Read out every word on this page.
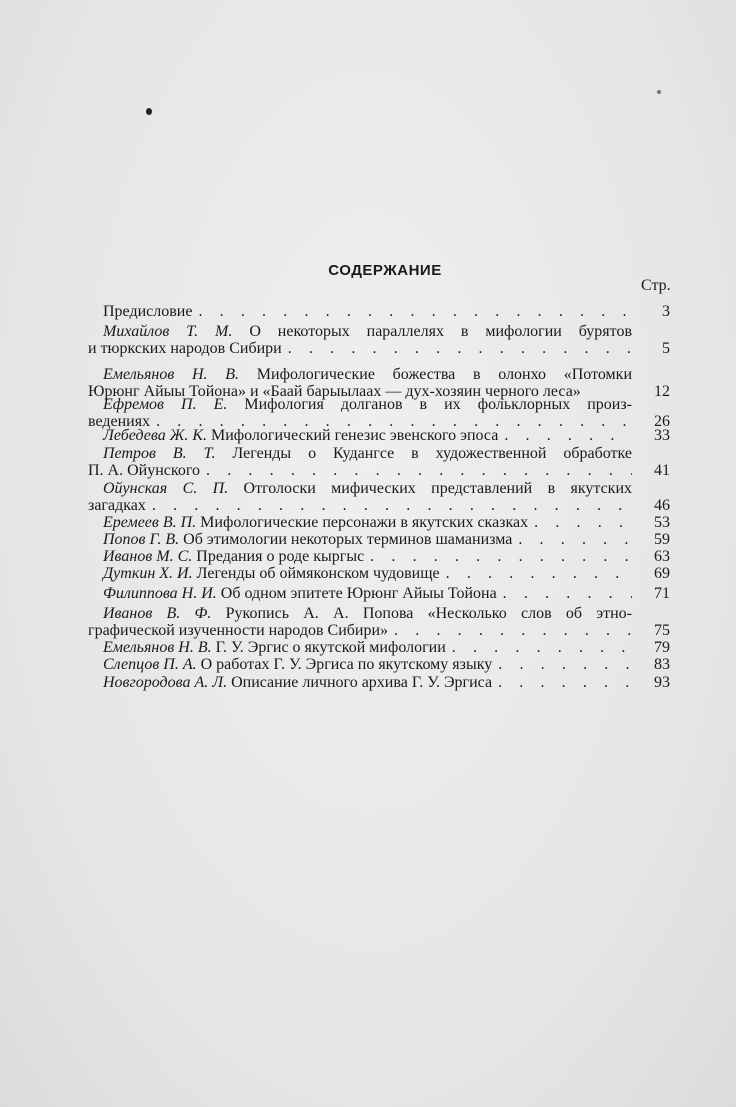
СОДЕРЖАНИЕ
Стр.
Предисловие . . .	3
Михайлов Т. М. О некоторых параллелях в мифологии бурятов
и тюркских народов Сибири . . .	5
Емельянов Н. В. Мифологические божества в олонхо «Потомки
Юрюнг Айыы Тойона» и «Баай барыылаах — дух-хозяин черного леса»	12
Ефремов П. Е. Мифология долганов в их фольклорных произ-
ведениях . . .	26
Лебедева Ж. К. Мифологический генезис эвенского эпоса . . .	33
Петров В. Т. Легенды о Кудангсе в художественной обработке
П. А. Ойунского . . .	41
Ойунская С. П. Отголоски мифических представлений в якутских
загадках . . .	46
Еремеев В. П. Мифологические персонажи в якутских сказках . . .	53
Попов Г. В. Об этимологии некоторых терминов шаманизма . . .	59
Иванов М. С. Предания о роде кыргыс . . .	63
Дуткин Х. И. Легенды об оймяконском чудовище . . .	69
Филиппова Н. И. Об одном эпитете Юрюнг Айыы Тойона . . .	71
Иванов В. Ф. Рукопись А. А. Попова «Несколько слов об этно-
графической изученности народов Сибири» . . .	75
Емельянов Н. В. Г. У. Эргис о якутской мифологии . . .	79
Слепцов П. А. О работах Г. У. Эргиса по якутскому языку . . .	83
Новгородова А. Л. Описание личного архива Г. У. Эргиса . . .	93
